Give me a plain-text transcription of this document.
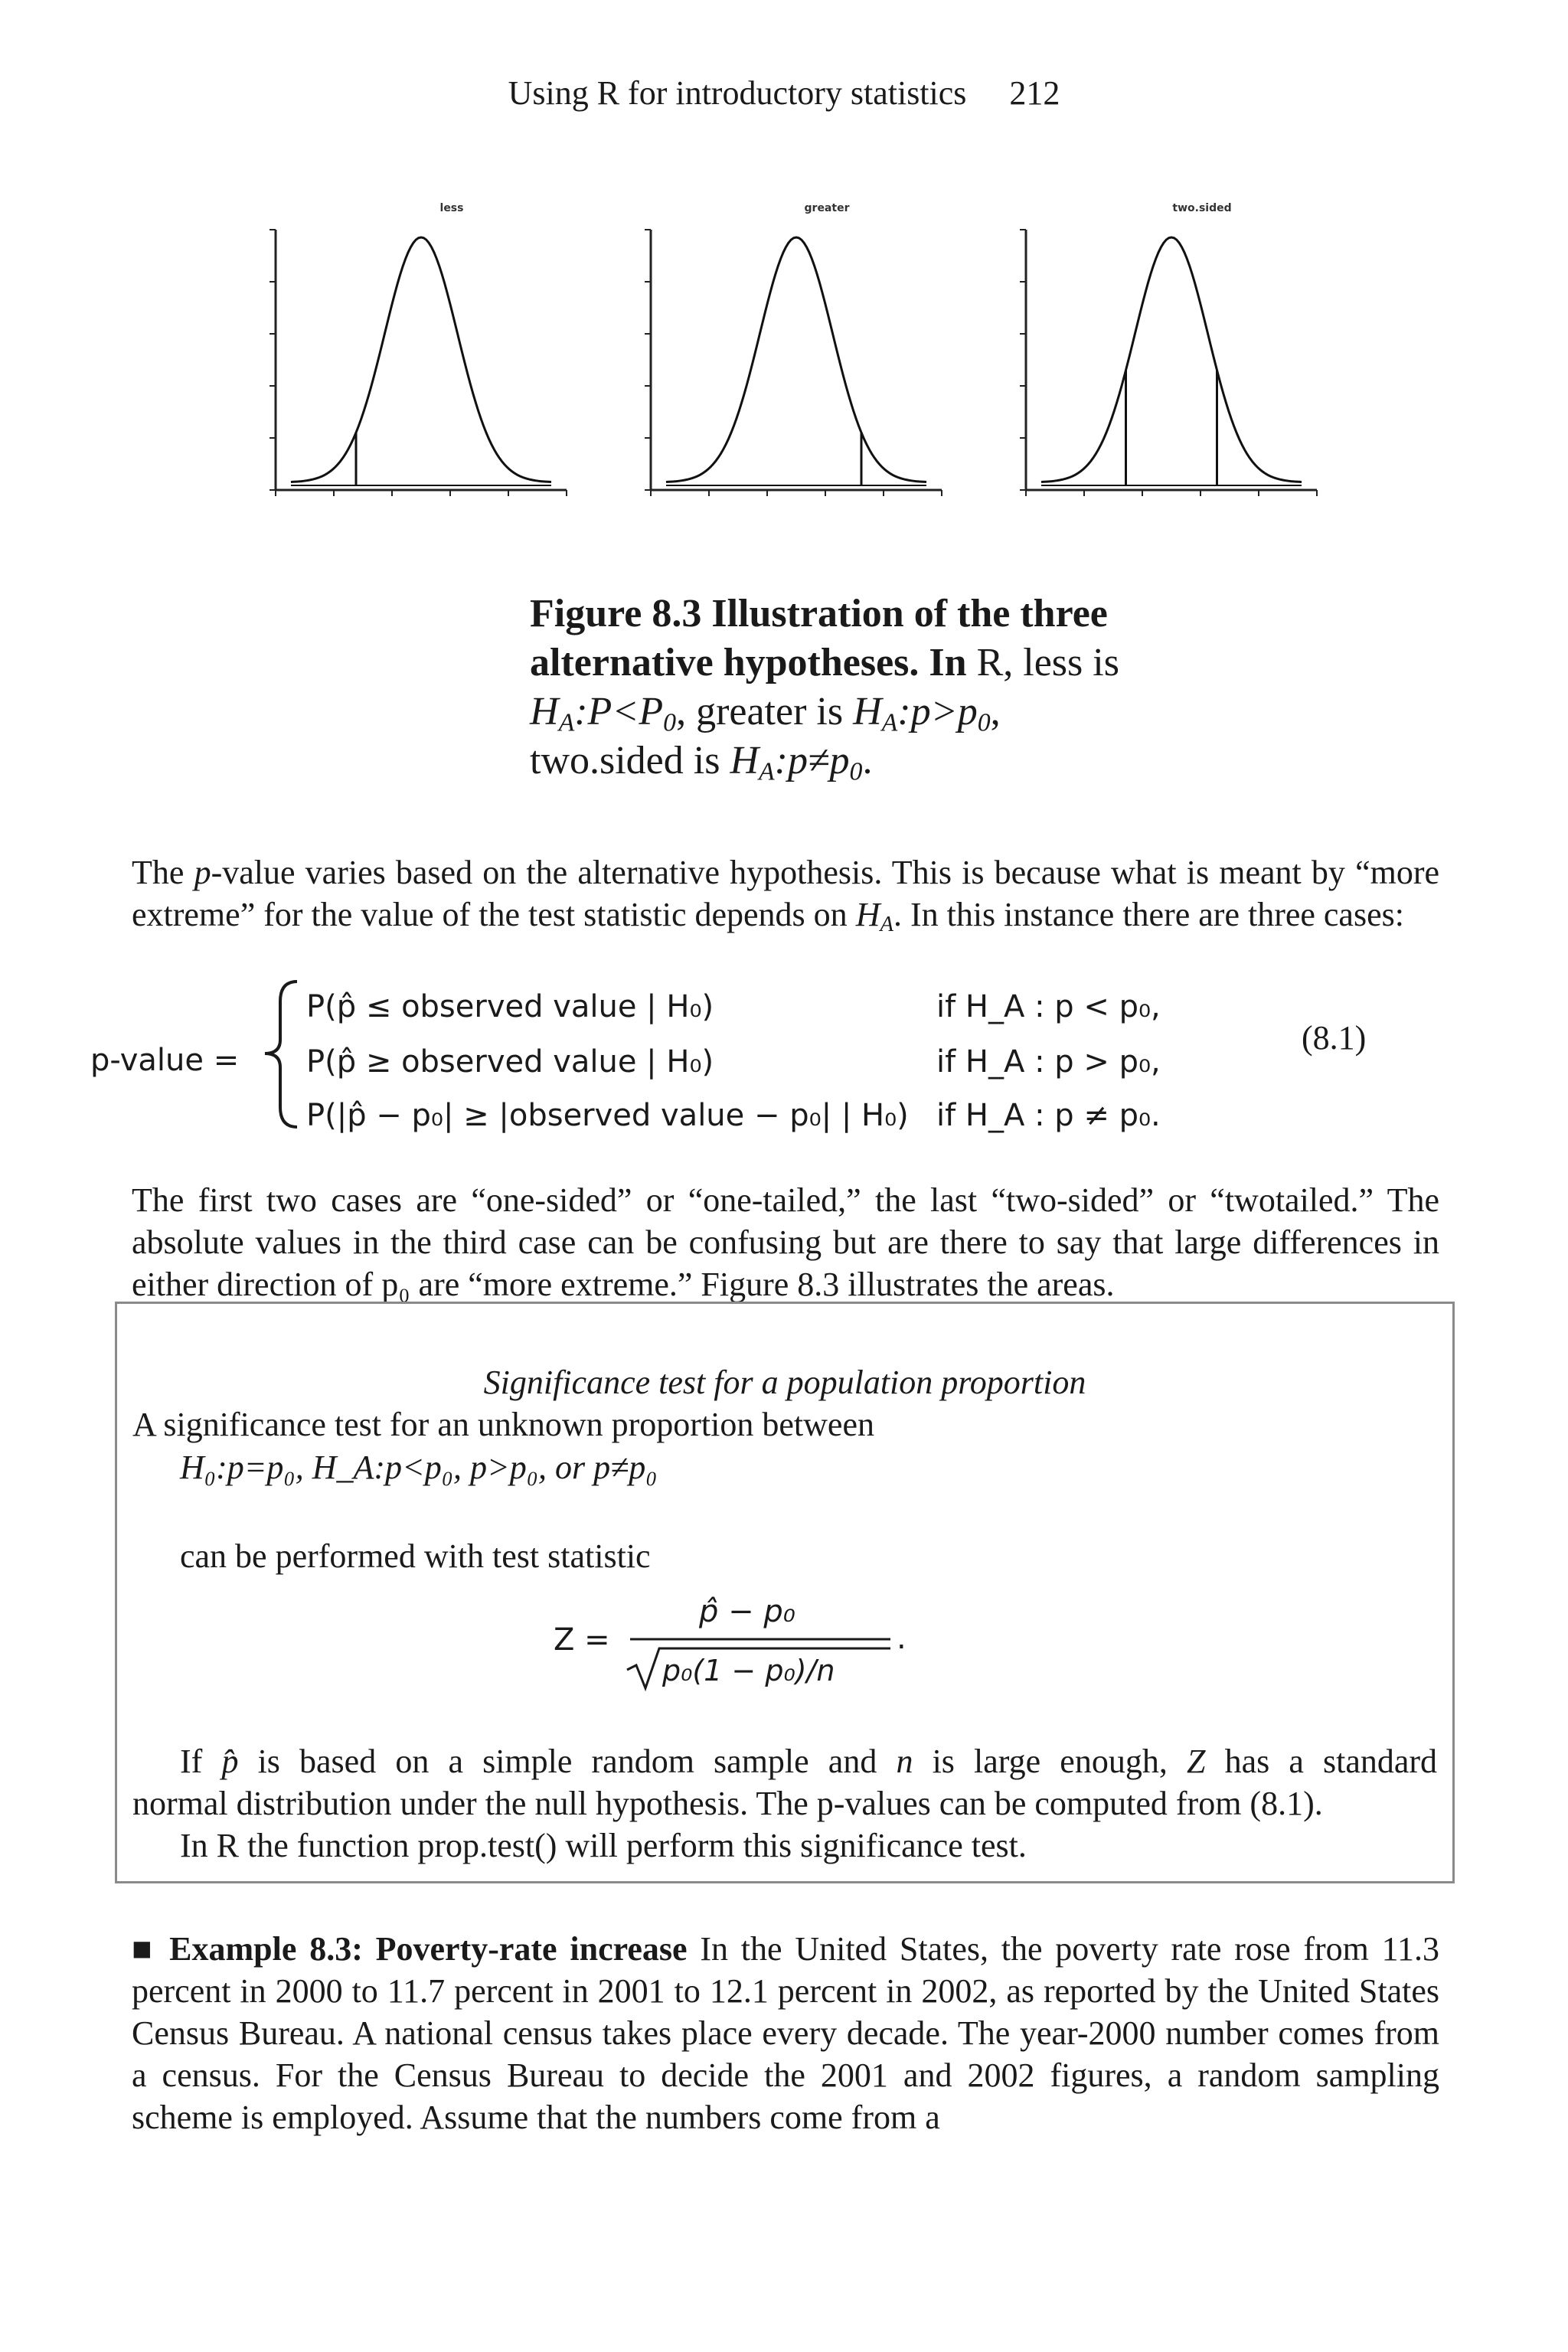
Using R for introductory statistics 212
less	greater	two.sided
Figure 8.3 Illustration of the three alternative hypotheses. In R, less is
$H_A:P<P_0$, greater is $H_A:p>p_0$,
two.sided is $H_A:p\ne p_0$.
The p-value varies based on the alternative hypothesis. This is because what is meant by “more extreme” for the value of the test statistic depends on $H_A$. In this instance there are three cases:
p-value =
P(p̂ ≤ observed value | H₀)
P(p̂ ≥ observed value | H₀)
P(|p̂ − p₀| ≥ |observed value − p₀| | H₀)
if H_A : p < p₀,
if H_A : p > p₀,
if H_A : p ≠ p₀.
(8.1)
The first two cases are “one-sided” or “one-tailed,” the last “two-sided” or “twotailed.” The absolute values in the third case can be confusing but are there to say that large differences in either direction of p₀ are “more extreme.” Figure 8.3 illustrates the areas.
Significance test for a population proportion
A significance test for an unknown proportion between
H₀:p=p₀, H_A:p<p₀, p>p₀, or p≠p₀
can be performed with test statistic
Z =
p̂ − p₀
p₀(1 − p₀)/n
.
If p̂ is based on a simple random sample and n is large enough, Z has a standard
normal distribution under the null hypothesis. The p-values can be computed from (8.1).
In R the function prop.test() will perform this significance test.
■ Example 8.3: Poverty-rate increase In the United States, the poverty rate rose from 11.3 percent in 2000 to 11.7 percent in 2001 to 12.1 percent in 2002, as reported by the United States Census Bureau. A national census takes place every decade. The year-2000 number comes from a census. For the Census Bureau to decide the 2001 and 2002 figures, a random sampling scheme is employed. Assume that the numbers come from a
